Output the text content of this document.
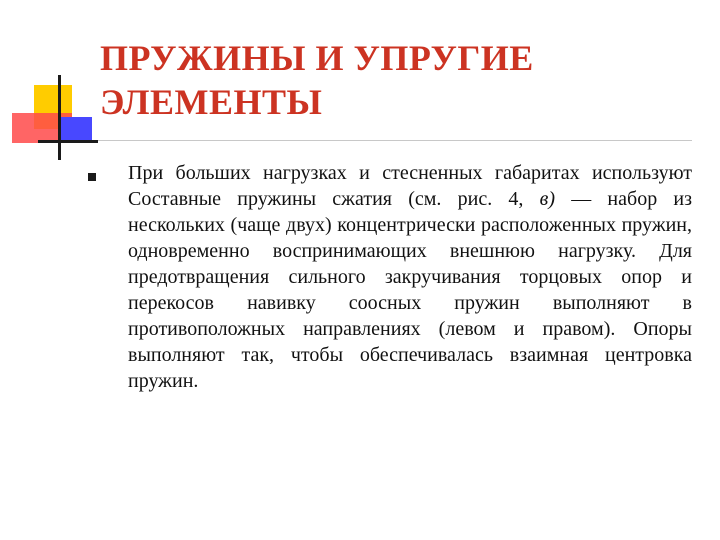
ПРУЖИНЫ И УПРУГИЕ ЭЛЕМЕНТЫ

При больших нагрузках и стесненных габаритах используют Составные пружины сжатия (см. рис. 4, в) — набор из нескольких (чаще двух) концентрически расположенных пружин, одновременно воспринимающих внешнюю нагрузку. Для предотвращения сильного закручивания торцовых опор и перекосов навивку соосных пружин выполняют в противоположных направлениях (левом и правом). Опоры выполняют так, чтобы обеспечивалась взаимная центровка пружин.
